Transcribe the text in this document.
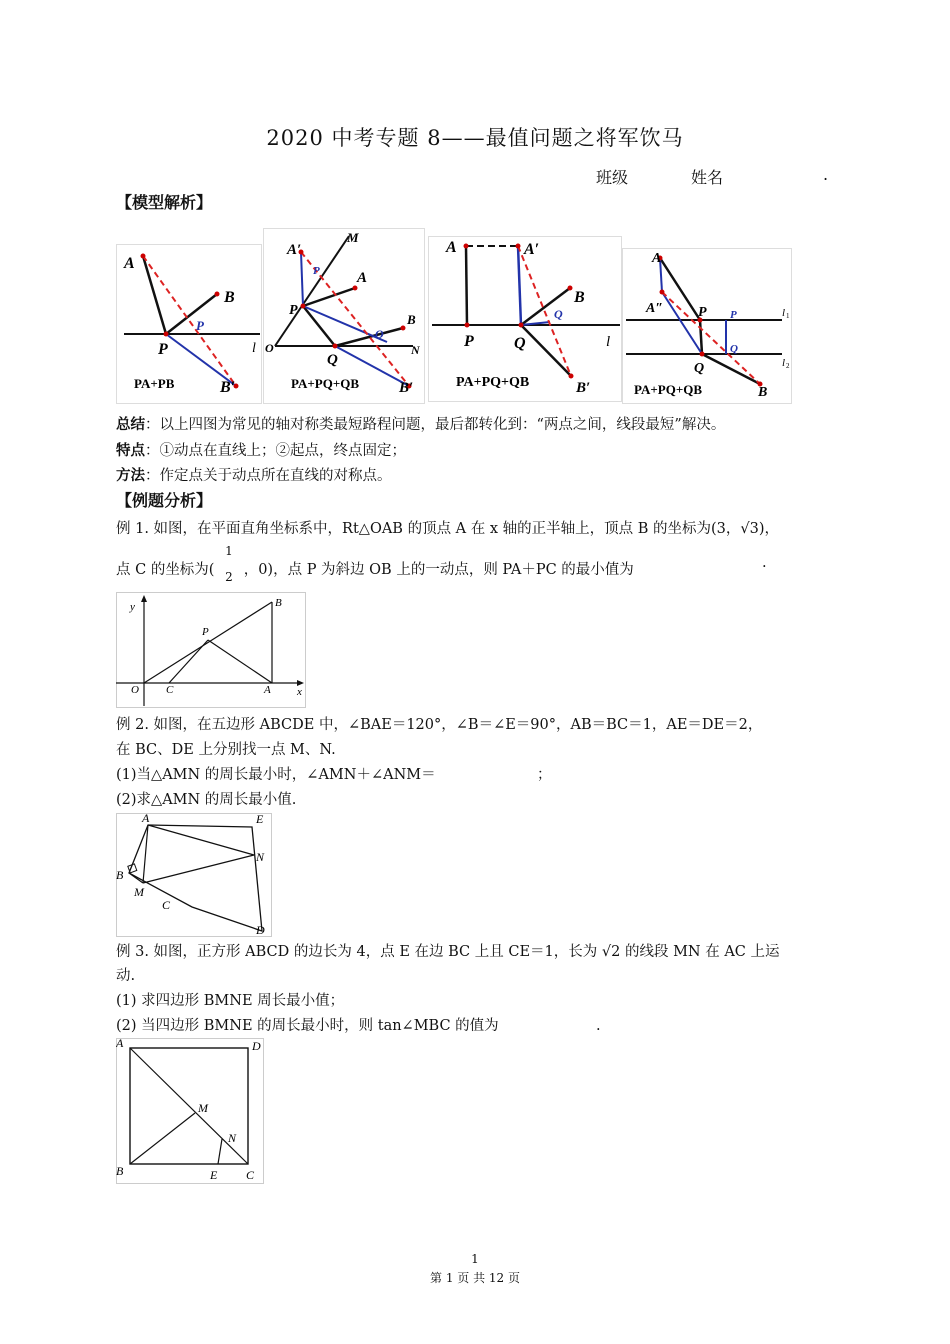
2020 中考专题 8——最值问题之将军饮马
班级	姓名	.
【模型解析】
A
B
P
P	l
B′
PA+PB
A′
M
A
P
P
B
Q
O	N
Q
B′
PA+PQ+QB
A	A′
B
Q
P	Q	l
B′
PA+PQ+QB
A
A″ P P
Q
Q
l 1
l 2
B
PA+PQ+QB
总结：以上四图为常见的轴对称类最短路程问题，最后都转化到：“两点之间，线段最短”解决。
特点：①动点在直线上；②起点，终点固定；
方法：作定点关于动点所在直线的对称点。
【例题分析】
例 1. 如图，在平面直角坐标系中，Rt△OAB 的顶点 A 在 x 轴的正半轴上，顶点 B 的坐标为(3，√3)，
点 C 的坐标为(
1
2 ，0)，点 P 为斜边 OB 上的一动点，则 PA＋PC 的最小值为	.
y	B
P
O C	A x
例 2. 如图，在五边形 ABCDE 中，∠BAE＝120°，∠B＝∠E＝90°，AB＝BC＝1，AE＝DE＝2，
在 BC、DE 上分别找一点 M、N.
(1)当△AMN 的周长最小时，∠AMN＋∠ANM＝	；
(2)求△AMN 的周长最小值.
A	E
N
B
M
C
D
例 3. 如图，正方形 ABCD 的边长为 4，点 E 在边 BC 上且 CE＝1，长为 √2 的线段 MN 在 AC 上运
动.
(1) 求四边形 BMNE 周长最小值；
(2) 当四边形 BMNE 的周长最小时，则 tan∠MBC 的值为	.
A	D
M
N
B	E C
1
第 1 页 共 12 页
